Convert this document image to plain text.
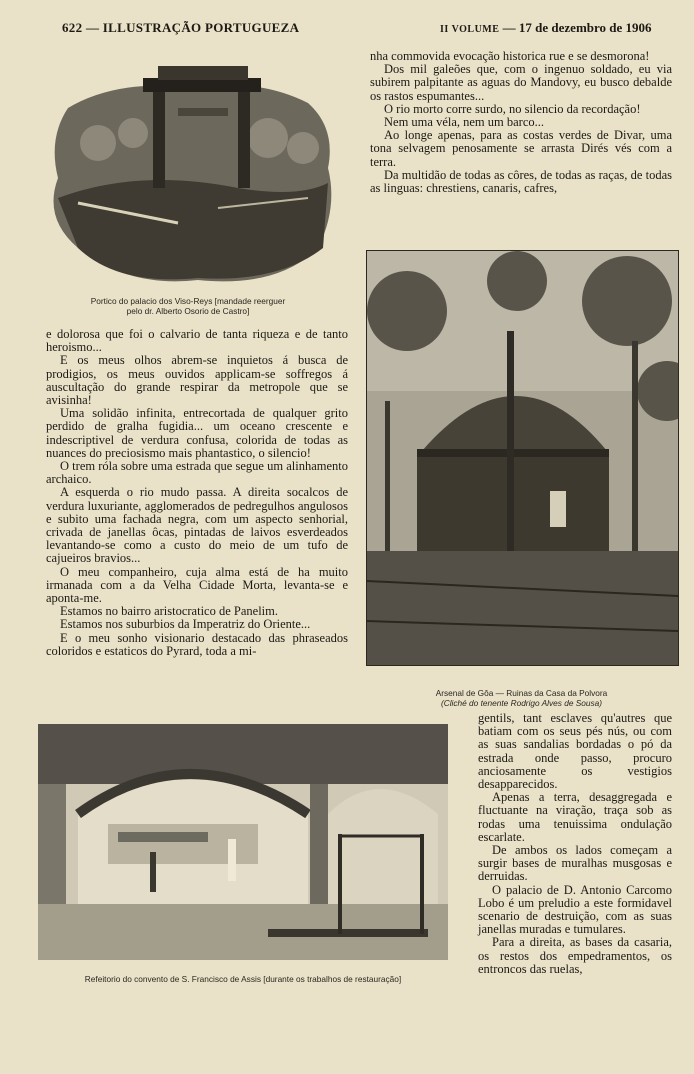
622 — ILLUSTRAÇÃO PORTUGUEZA	II VOLUME — 17 de dezembro de 1906
Portico do palacio dos Viso-Reys [mandade reerguer
pelo dr. Alberto Osorio de Castro]

e dolorosa que foi o calvario de tanta riqueza e de tanto heroismo...

E os meus olhos abrem-se inquietos á busca de prodigios, os meus ouvidos applicam-se soffregos á auscultação do grande respirar da metropole que se avisinha!

Uma solidão infinita, entrecortada de qualquer grito perdido de gralha fugidia... um oceano crescente e indescriptivel de verdura confusa, colorida de todas as nuances do preciosismo mais phantastico, o silencio!

O trem róla sobre uma estrada que segue um alinhamento archaico.

A esquerda o rio mudo passa. A direita socalcos de verdura luxuriante, agglomerados de pedregulhos angulosos e subito uma fachada negra, com um aspecto senhorial, crivada de janellas ôcas, pintadas de laivos esverdeados levantando-se como a custo do meio de um tufo de cajueiros bravios...

O meu companheiro, cuja alma está de ha muito irmanada com a da Velha Cidade Morta, levanta-se e aponta-me.

Estamos no bairro aristocratico de Panelim.

Estamos nos suburbios da Imperatriz do Oriente...

E o meu sonho visionario destacado das phraseados coloridos e estaticos do Pyrard, toda a mi-

nha commovida evocação historica rue e se desmorona!

Dos mil galeões que, com o ingenuo soldado, eu via subirem palpitante as aguas do Mandovy, eu busco debalde os rastos espumantes...

O rio morto corre surdo, no silencio da recordação!

Nem uma véla, nem um barco...

Ao longe apenas, para as costas verdes de Divar, uma tona selvagem penosamente se arrasta Dirés vés com a terra.

Da multidão de todas as côres, de todas as raças, de todas as linguas: chrestiens, canaris, cafres,

Arsenal de Gôa — Ruinas da Casa da Polvora
(Cliché do tenente Rodrigo Alves de Sousa)
Refeitorio do convento de S. Francisco de Assis [durante os trabalhos de restauração]

gentils, tant esclaves qu'autres que batiam com os seus pés nús, ou com as suas sandalias bordadas o pó da estrada onde passo, procuro anciosamente os vestigios desapparecidos.

Apenas a terra, desaggregada e fluctuante na viração, traça sob as rodas uma tenuissima ondulação escarlate.

De ambos os lados começam a surgir bases de muralhas musgosas e derruidas.

O palacio de D. Antonio Carcomo Lobo é um preludio a este formidavel scenario de destruição, com as suas janellas muradas e tumulares.

Para a direita, as bases da casaria, os restos dos empedramentos, os entroncos das ruelas,
